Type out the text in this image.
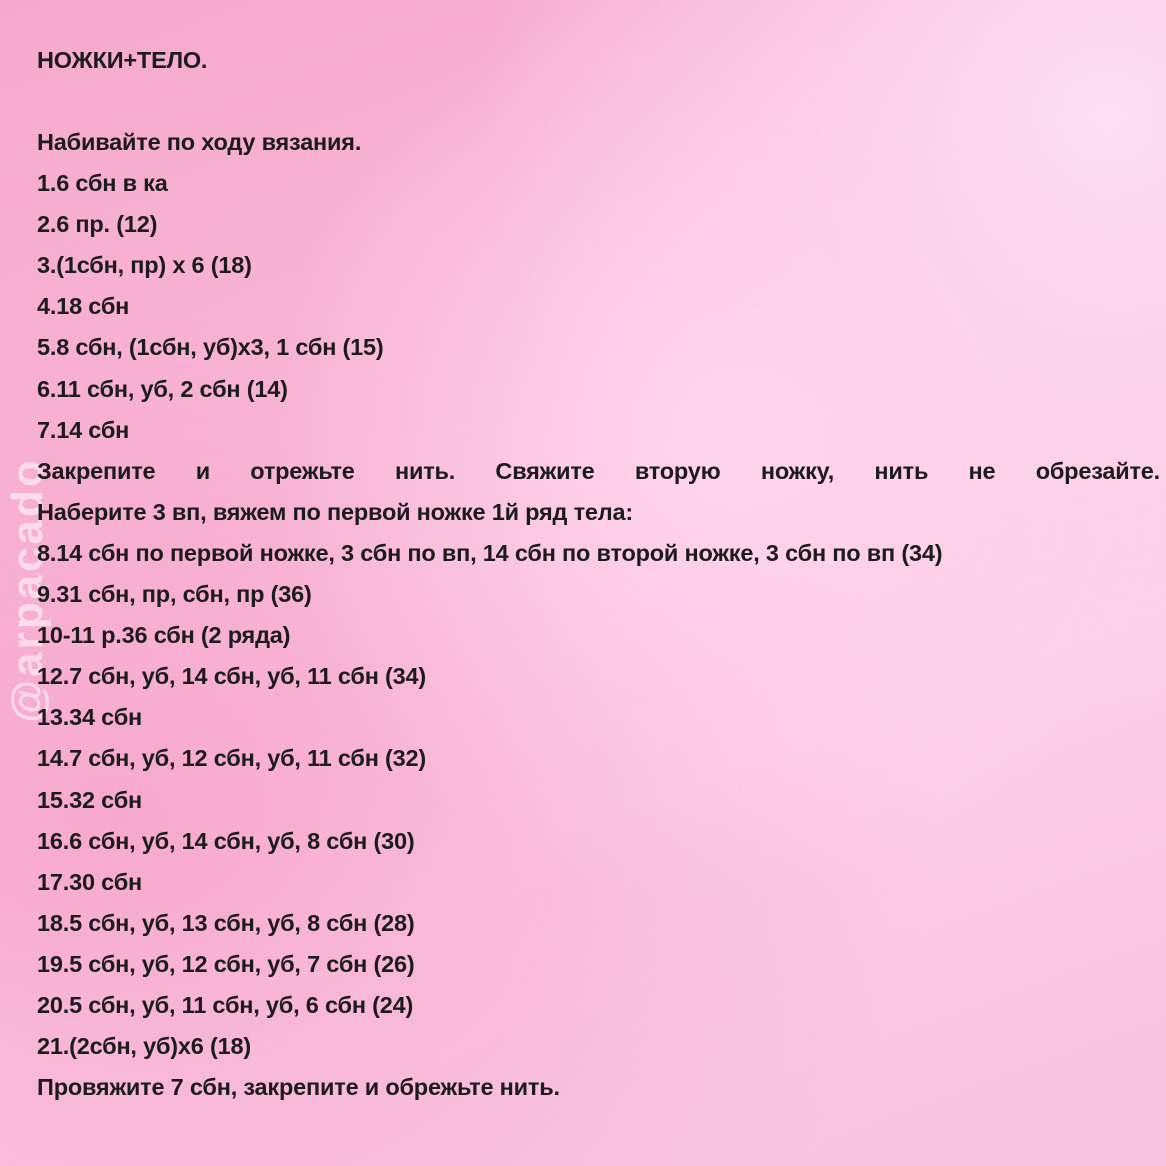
@arpacado
НОЖКИ+ТЕЛО.
Набивайте по ходу вязания.
1.6 сбн в ка
2.6 пр. (12)
3.(1сбн, пр) х 6 (18)
4.18 сбн
5.8 сбн, (1сбн, уб)х3, 1 сбн (15)
6.11 сбн, уб, 2 сбн (14)
7.14 сбн
Закрепите и отрежьте нить. Свяжите вторую ножку, нить не обрезайте.
Наберите 3 вп, вяжем по первой ножке 1й ряд тела:
8.14 сбн по первой ножке, 3 сбн по вп, 14 сбн по второй ножке, 3 сбн по вп (34)
9.31 сбн, пр, сбн, пр (36)
10-11 р.36 сбн (2 ряда)
12.7 сбн, уб, 14 сбн, уб, 11 сбн (34)
13.34 сбн
14.7 сбн, уб, 12 сбн, уб, 11 сбн (32)
15.32 сбн
16.6 сбн, уб, 14 сбн, уб, 8 сбн (30)
17.30 сбн
18.5 сбн, уб, 13 сбн, уб, 8 сбн (28)
19.5 сбн, уб, 12 сбн, уб, 7 сбн (26)
20.5 сбн, уб, 11 сбн, уб, 6 сбн (24)
21.(2сбн, уб)х6 (18)
Провяжите 7 сбн, закрепите и обрежьте нить.
